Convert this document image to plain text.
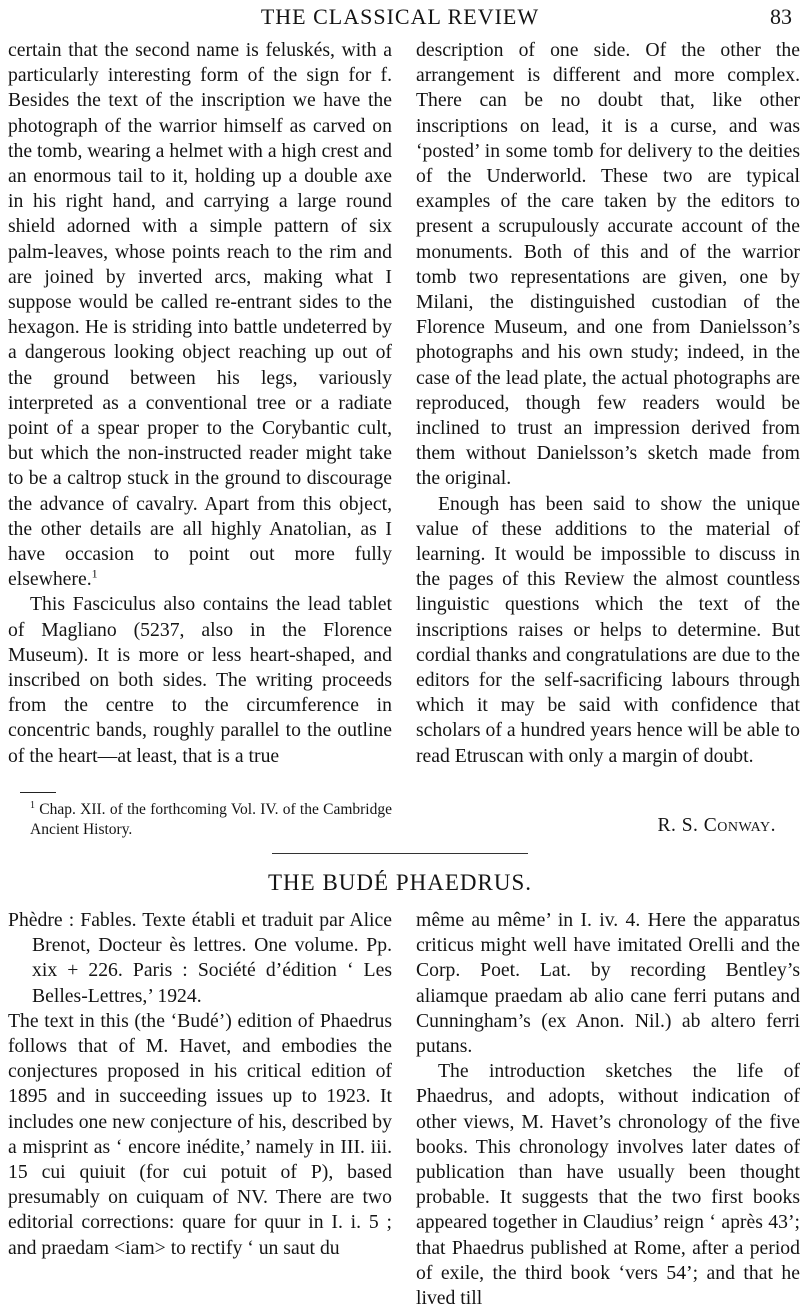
THE CLASSICAL REVIEW	83

certain that the second name is feluskés, with a particularly interesting form of the sign for f. Besides the text of the inscription we have the photograph of the warrior himself as carved on the tomb, wearing a helmet with a high crest and an enormous tail to it, holding up a double axe in his right hand, and carrying a large round shield adorned with a simple pattern of six palm-leaves, whose points reach to the rim and are joined by inverted arcs, making what I suppose would be called re-entrant sides to the hexagon. He is striding into battle undeterred by a dangerous looking object reaching up out of the ground between his legs, variously interpreted as a conventional tree or a radiate point of a spear proper to the Corybantic cult, but which the non-instructed reader might take to be a caltrop stuck in the ground to discourage the advance of cavalry. Apart from this object, the other details are all highly Anatolian, as I have occasion to point out more fully elsewhere.$^1$

This Fasciculus also contains the lead tablet of Magliano (5237, also in the Florence Museum). It is more or less heart-shaped, and inscribed on both sides. The writing proceeds from the centre to the circumference in concentric bands, roughly parallel to the outline of the heart—at least, that is a true

$^1$ Chap. XII. of the forthcoming Vol. IV. of the Cambridge Ancient History.

description of one side. Of the other the arrangement is different and more complex. There can be no doubt that, like other inscriptions on lead, it is a curse, and was ‘posted’ in some tomb for delivery to the deities of the Underworld. These two are typical examples of the care taken by the editors to present a scrupulously accurate account of the monuments. Both of this and of the warrior tomb two representations are given, one by Milani, the distinguished custodian of the Florence Museum, and one from Danielsson’s photographs and his own study; indeed, in the case of the lead plate, the actual photographs are reproduced, though few readers would be inclined to trust an impression derived from them without Danielsson’s sketch made from the original.

Enough has been said to show the unique value of these additions to the material of learning. It would be impossible to discuss in the pages of this Review the almost countless linguistic questions which the text of the inscriptions raises or helps to determine. But cordial thanks and congratulations are due to the editors for the self-sacrificing labours through which it may be said with confidence that scholars of a hundred years hence will be able to read Etruscan with only a margin of doubt.

R. S. Conway.
THE BUDÉ PHAEDRUS.

Phèdre : Fables. Texte établi et traduit par Alice Brenot, Docteur ès lettres. One volume. Pp. xix + 226. Paris : Société d’édition ‘ Les Belles-Lettres,’ 1924.

The text in this (the ‘Budé’) edition of Phaedrus follows that of M. Havet, and embodies the conjectures proposed in his critical edition of 1895 and in succeeding issues up to 1923. It includes one new conjecture of his, described by a misprint as ‘ encore inédite,’ namely in III. iii. 15 cui quiuit (for cui potuit of P), based presumably on cuiquam of NV. There are two editorial corrections: quare for quur in I. i. 5 ; and praedam <iam> to rectify ‘ un saut du

même au même’ in I. iv. 4. Here the apparatus criticus might well have imitated Orelli and the Corp. Poet. Lat. by recording Bentley’s aliamque praedam ab alio cane ferri putans and Cunningham’s (ex Anon. Nil.) ab altero ferri putans.

The introduction sketches the life of Phaedrus, and adopts, without indication of other views, M. Havet’s chronology of the five books. This chronology involves later dates of publication than have usually been thought probable. It suggests that the two first books appeared together in Claudius’ reign ‘ après 43’; that Phaedrus published at Rome, after a period of exile, the third book ‘vers 54’; and that he lived till
